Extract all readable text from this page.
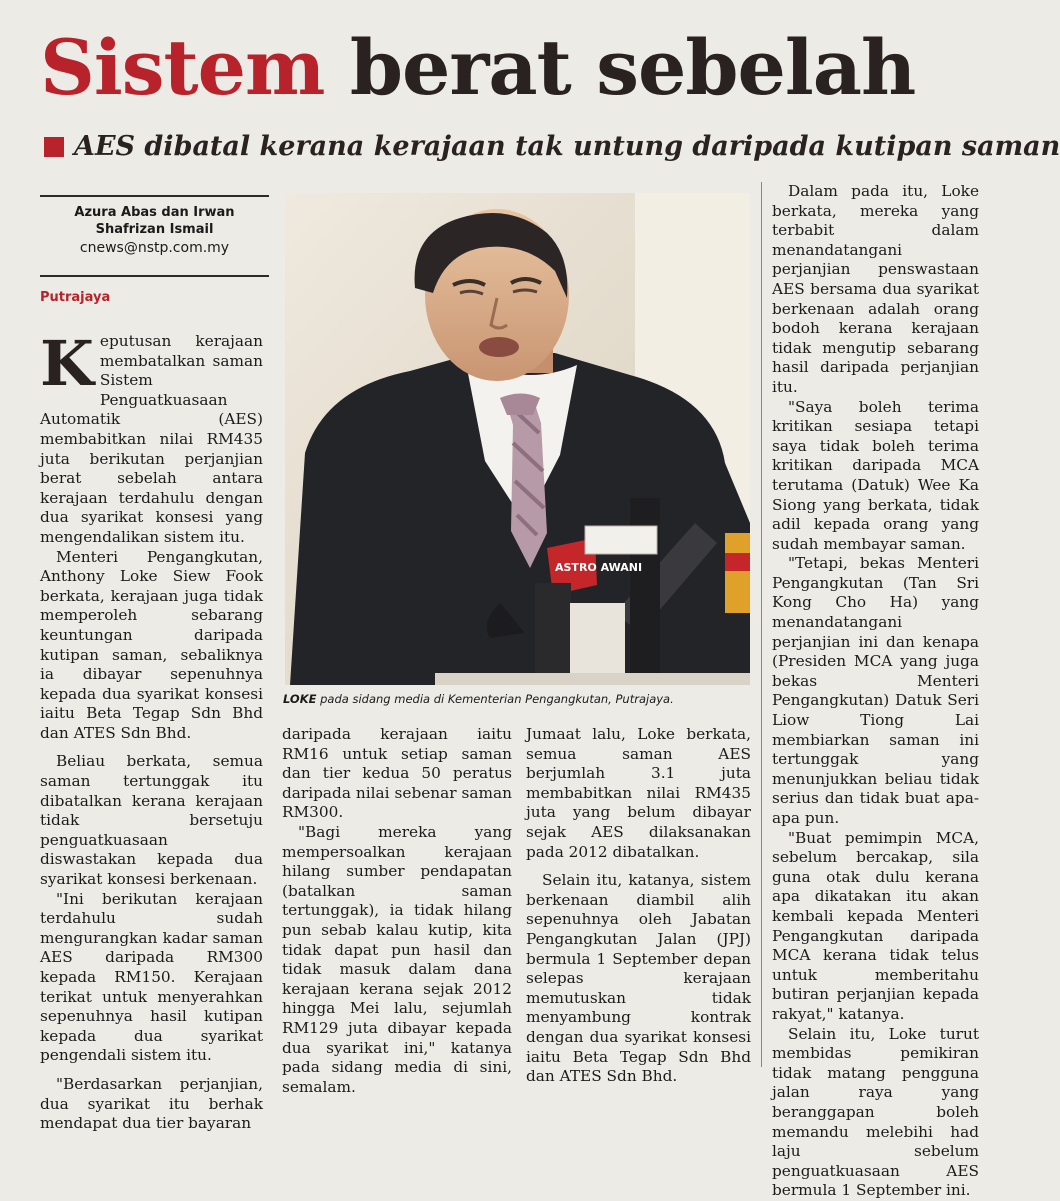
Sistem berat sebelah
AES dibatal kerana kerajaan tak untung daripada kutipan saman
Azura Abas dan Irwan Shafrizan Ismail
cnews@nstp.com.my
Putrajaya

Keputusan kerajaan membatalkan saman Sistem Penguatkuasaan Automatik (AES) membabitkan nilai RM435 juta berikutan perjanjian berat sebelah antara kerajaan terdahulu dengan dua syarikat konsesi yang mengendalikan sistem itu.

Menteri Pengangkutan, Anthony Loke Siew Fook berkata, kerajaan juga tidak memperoleh sebarang keuntungan daripada kutipan saman, sebaliknya ia dibayar sepenuhnya kepada dua syarikat konsesi iaitu Beta Tegap Sdn Bhd dan ATES Sdn Bhd.

Beliau berkata, semua saman tertunggak itu dibatalkan kerana kerajaan tidak bersetuju penguatkuasaan diswastakan kepada dua syarikat konsesi berkenaan.

"Ini berikutan kerajaan terdahulu sudah mengurangkan kadar saman AES daripada RM300 kepada RM150. Kerajaan terikat untuk menyerahkan sepenuhnya hasil kutipan kepada dua syarikat pengendali sistem itu.

"Berdasarkan perjanjian, dua syarikat itu berhak mendapat dua tier bayaran

ASTRO AWANI
LOKE pada sidang media di Kementerian Pengangkutan, Putrajaya.

daripada kerajaan iaitu RM16 untuk setiap saman dan tier kedua 50 peratus daripada nilai sebenar saman RM300.

"Bagi mereka yang mempersoalkan kerajaan hilang sumber pendapatan (batalkan saman tertunggak), ia tidak hilang pun sebab kalau kutip, kita tidak dapat pun hasil dan tidak masuk dalam dana kerajaan kerana sejak 2012 hingga Mei lalu, sejumlah RM129 juta dibayar kepada dua syarikat ini," katanya pada sidang media di sini, semalam.

Jumaat lalu, Loke berkata, semua saman AES berjumlah 3.1 juta membabitkan nilai RM435 juta yang belum dibayar sejak AES dilaksanakan pada 2012 dibatalkan.

Selain itu, katanya, sistem berkenaan diambil alih sepenuhnya oleh Jabatan Pengangkutan Jalan (JPJ) bermula 1 September depan selepas kerajaan memutuskan tidak menyambung kontrak dengan dua syarikat konsesi iaitu Beta Tegap Sdn Bhd dan ATES Sdn Bhd.

Dalam pada itu, Loke berkata, mereka yang terbabit dalam menandatangani perjanjian penswastaan AES bersama dua syarikat berkenaan adalah orang bodoh kerana kerajaan tidak mengutip sebarang hasil daripada perjanjian itu.

"Saya boleh terima kritikan sesiapa tetapi saya tidak boleh terima kritikan daripada MCA terutama (Datuk) Wee Ka Siong yang berkata, tidak adil kepada orang yang sudah membayar saman.

"Tetapi, bekas Menteri Pengangkutan (Tan Sri Kong Cho Ha) yang menandatangani perjanjian ini dan kenapa (Presiden MCA yang juga bekas Menteri Pengangkutan) Datuk Seri Liow Tiong Lai membiarkan saman ini tertunggak yang menunjukkan beliau tidak serius dan tidak buat apa-apa pun.

"Buat pemimpin MCA, sebelum bercakap, sila guna otak dulu kerana apa dikatakan itu akan kembali kepada Menteri Pengangkutan daripada MCA kerana tidak telus untuk memberitahu butiran perjanjian kepada rakyat," katanya.

Selain itu, Loke turut membidas pemikiran tidak matang pengguna jalan raya yang beranggapan boleh memandu melebihi had laju sebelum penguatkuasaan AES bermula 1 September ini.
